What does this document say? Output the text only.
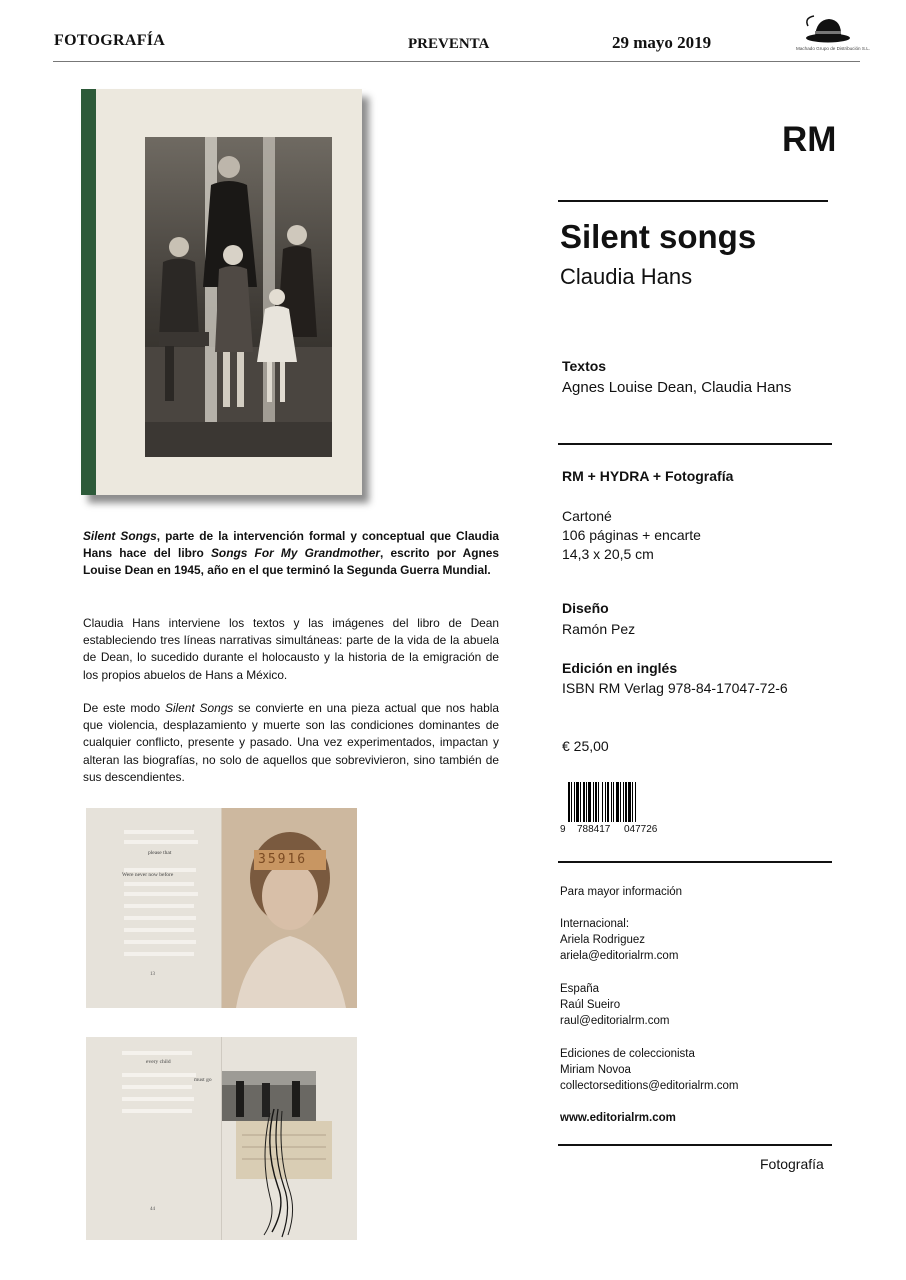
FOTOGRAFÍA	PREVENTA	29 mayo 2019	Machado Grupo de Distribución S.L.
Silent Songs, parte de la intervención formal y conceptual que Claudia Hans hace del libro Songs For My Grandmother, escrito por Agnes Louise Dean en 1945, año en el que terminó la Segunda Guerra Mundial.
Claudia Hans interviene los textos y las imágenes del libro de Dean estableciendo tres líneas narrativas simultáneas: parte de la vida de la abuela de Dean, lo sucedido durante el holocausto y la historia de la emigración de los propios abuelos de Hans a México.
De este modo Silent Songs se convierte en una pieza actual que nos habla que violencia, desplazamiento y muerte son las condiciones dominantes de cualquier conflicto, presente y pasado. Una vez experimentados, impactan y alteran las biografías, no solo de aquellos que sobrevivieron, sino también de sus descendientes.
please that
Were never now before
13
35916
every child
must go
44
RM
Silent songs
Claudia Hans
Textos
Agnes Louise Dean, Claudia Hans
RM + HYDRA + Fotografía
Cartoné
106 páginas + encarte
14,3 x 20,5 cm
Diseño
Ramón Pez
Edición en inglés
ISBN RM Verlag 978-84-17047-72-6
€ 25,00
9 788417 047726
Para mayor información
Internacional:
Ariela Rodriguez
ariela@editorialrm.com
España
Raúl Sueiro
raul@editorialrm.com
Ediciones de coleccionista
Miriam Novoa
collectorseditions@editorialrm.com
www.editorialrm.com
Fotografía
